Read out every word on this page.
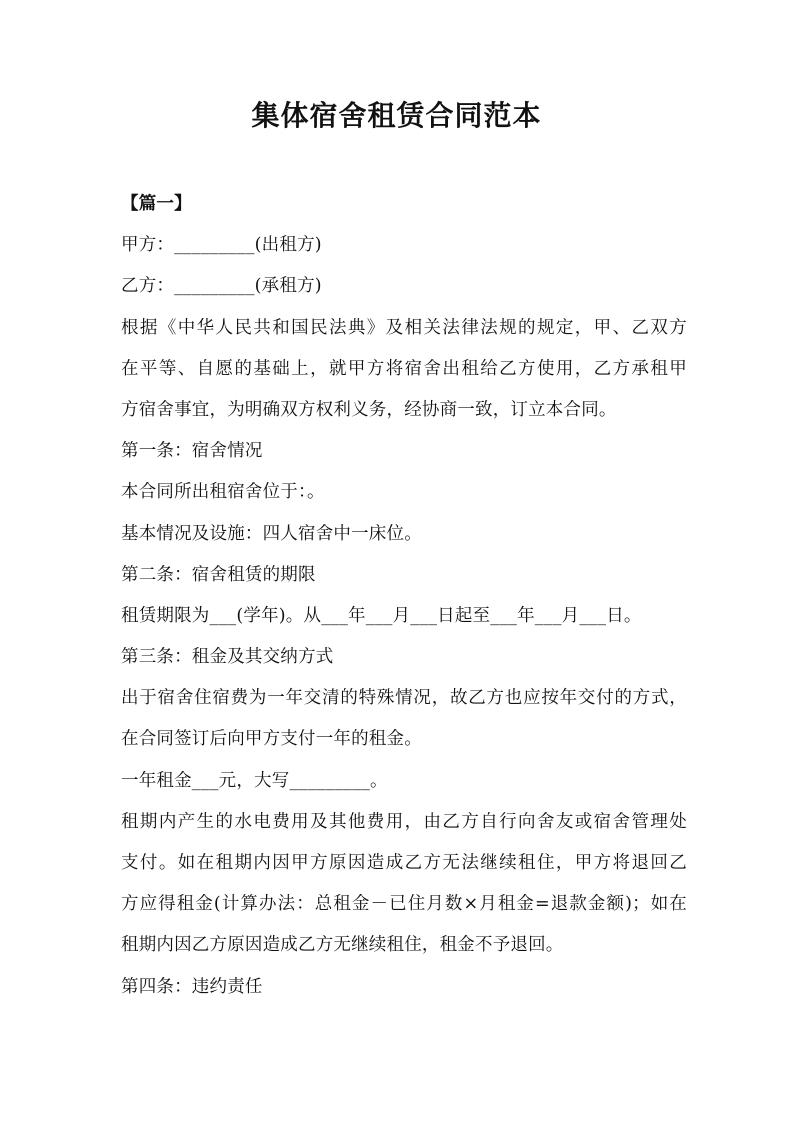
集体宿舍租赁合同范本
【篇一】
甲方：_________(出租方)
乙方：_________(承租方)
根据《中华人民共和国民法典》及相关法律法规的规定，甲、乙双方
在平等、自愿的基础上，就甲方将宿舍出租给乙方使用，乙方承租甲
方宿舍事宜，为明确双方权利义务，经协商一致，订立本合同。
第一条：宿舍情况
本合同所出租宿舍位于：。
基本情况及设施：四人宿舍中一床位。
第二条：宿舍租赁的期限
租赁期限为___(学年)。从___年___月___日起至___年___月___日。
第三条：租金及其交纳方式
出于宿舍住宿费为一年交清的特殊情况，故乙方也应按年交付的方式，
在合同签订后向甲方支付一年的租金。
一年租金___元，大写_________。
租期内产生的水电费用及其他费用，由乙方自行向舍友或宿舍管理处
支付。如在租期内因甲方原因造成乙方无法继续租住，甲方将退回乙
方应得租金(计算办法：总租金－已住月数×月租金=退款金额)；如在
租期内因乙方原因造成乙方无继续租住，租金不予退回。
第四条：违约责任
